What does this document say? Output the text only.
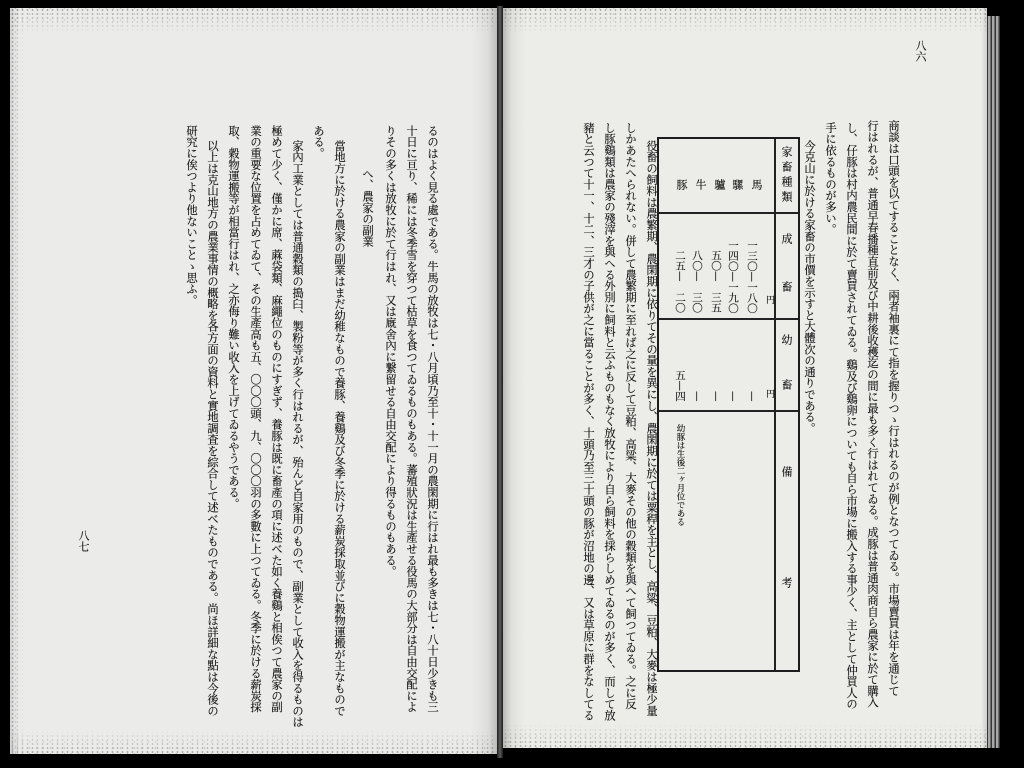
るのはよく見る處である。牛馬の放牧は七・八月頃乃至十・十一月の農閑期に行はれ最も多きは七・八十日少きも三
十日に亘り、稀には冬季雪を穿つて枯草を食つてゐるものもある。蕃殖狀況は生產せる役馬の大部分は自由交配によ
りその多くは放牧に於て行はれ、又は廐舍內に繋留せる自由交配により得るものもある。
へ、農家の副業
當地方に於ける農家の副業はまだ幼稚なもので養豚、養鷄及び冬季に於ける薪炭採取並びに穀物運搬が主なもので
ある。
家內工業としては普通穀類の搗臼、製粉等が多く行はれるが、殆んど自家用のもので、副業として收入を得るものは
極めて少く、僅かに席、蔴袋類、麻繩位のものにすぎず、養豚は既に畜產の項に述べた如く養鷄と相俟つて農家の副
業の重要な位置を占めてゐて、その生產高も五、〇〇〇頭、九、〇〇〇羽の多數に上つてゐる。冬季に於ける薪炭採
取、穀物運搬等が相當行はれ、之亦侮り難い收入を上げてゐるやうである。
以上は克山地方の農業事情の概略を各方面の資料と實地調査を綜合して述べたものである。尚ほ詳細な點は今後の
研究に俟つより他ないことゝ思ふ。
八七
八六
商談は口頭を以てすることなく、兩者袖裏にて指を握りつゝ行はれるのが例となつてゐる。市場賣買は年を通じて
行はれるが、普通早春播種直前及び中耕後收穫迄の間に最も多く行はれてゐる。成豚は普通肉商自ら農家に於て購入
し、仔豚は村内農民間に於て賣買されてゐる。鷄及び鷄卵についても自ら市場に搬入する事少く、主として仲買人の
手に依るものが多い。
今克山に於ける家畜の市價を示すと大體次の通りである。
家畜種類
成　　畜
幼　　畜
備　　考
円
円
馬
一三〇—一八〇
—
騾
一四〇—一九〇
—
驢
五〇—　三五
—
牛
八〇—　三〇
—
豚
二五—　二〇
五—四
幼豚は生後二ヶ月位である
役畜の飼料は農繁期、農閑期に依りてその量を異にし、農閑期に於ては粟稈を主とし、高粱、豆粕、大麥は極少量
しかあたへられない。併して農繁期に至れば之に反して豆粕、高粱、大麥その他の穀類を與へて飼つてゐる。之に反
し豚鷄類は農家の殘滓を與へる外別に飼料と云ふものもなく放牧により自ら飼料を採らしめてゐるのが多く、而して放
豬と云つて十一、十二、三才の子供が之に當ることが多く、十頭乃至三十頭の豚が沼地の邊、又は草原に群をなしてる
